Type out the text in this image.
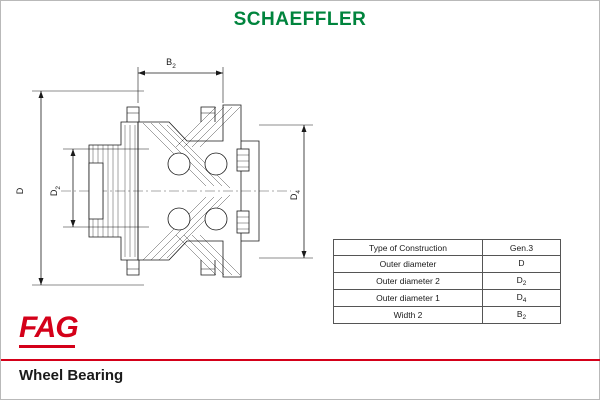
SCHAEFFLER
$B_2$
D	$D_2$
$D_4$
Type of Construction	Gen.3
Outer diameter	D
Outer diameter 2	$D_2$
Outer diameter 1	$D_4$
Width 2	$B_2$
FAG
Wheel Bearing
